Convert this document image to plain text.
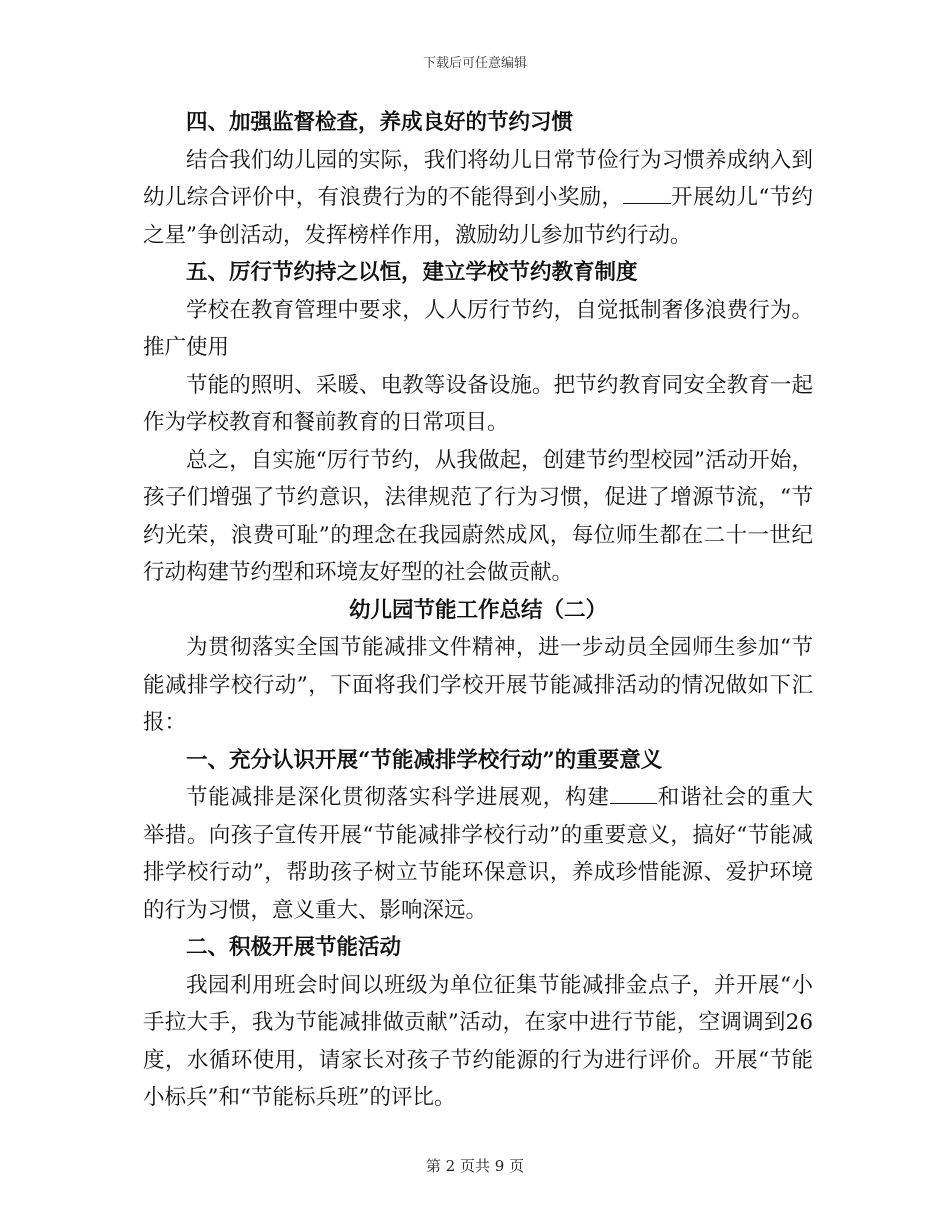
下载后可任意编辑

四、加强监督检查，养成良好的节约习惯

结合我们幼儿园的实际，我们将幼儿日常节俭行为习惯养成纳入到幼儿综合评价中，有浪费行为的不能得到小奖励， 开展幼儿“节约之星”争创活动，发挥榜样作用，激励幼儿参加节约行动。

五、厉行节约持之以恒，建立学校节约教育制度

学校在教育管理中要求，人人厉行节约，自觉抵制奢侈浪费行为。推广使用

节能的照明、采暖、电教等设备设施。把节约教育同安全教育一起作为学校教育和餐前教育的日常项目。

总之，自实施“厉行节约，从我做起，创建节约型校园”活动开始，孩子们增强了节约意识，法律规范了行为习惯，促进了增源节流，“节约光荣，浪费可耻”的理念在我园蔚然成风，每位师生都在二十一世纪行动构建节约型和环境友好型的社会做贡献。

幼儿园节能工作总结（二）

为贯彻落实全国节能减排文件精神，进一步动员全园师生参加“节能减排学校行动”，下面将我们学校开展节能减排活动的情况做如下汇报：

一、充分认识开展“节能减排学校行动”的重要意义

节能减排是深化贯彻落实科学进展观，构建 和谐社会的重大举措。向孩子宣传开展“节能减排学校行动”的重要意义，搞好“节能减排学校行动”，帮助孩子树立节能环保意识，养成珍惜能源、爱护环境的行为习惯，意义重大、影响深远。

二、积极开展节能活动

我园利用班会时间以班级为单位征集节能减排金点子，并开展“小手拉大手，我为节能减排做贡献”活动，在家中进行节能，空调调到26度，水循环使用，请家长对孩子节约能源的行为进行评价。开展“节能小标兵”和“节能标兵班”的评比。

第 2 页共 9 页
